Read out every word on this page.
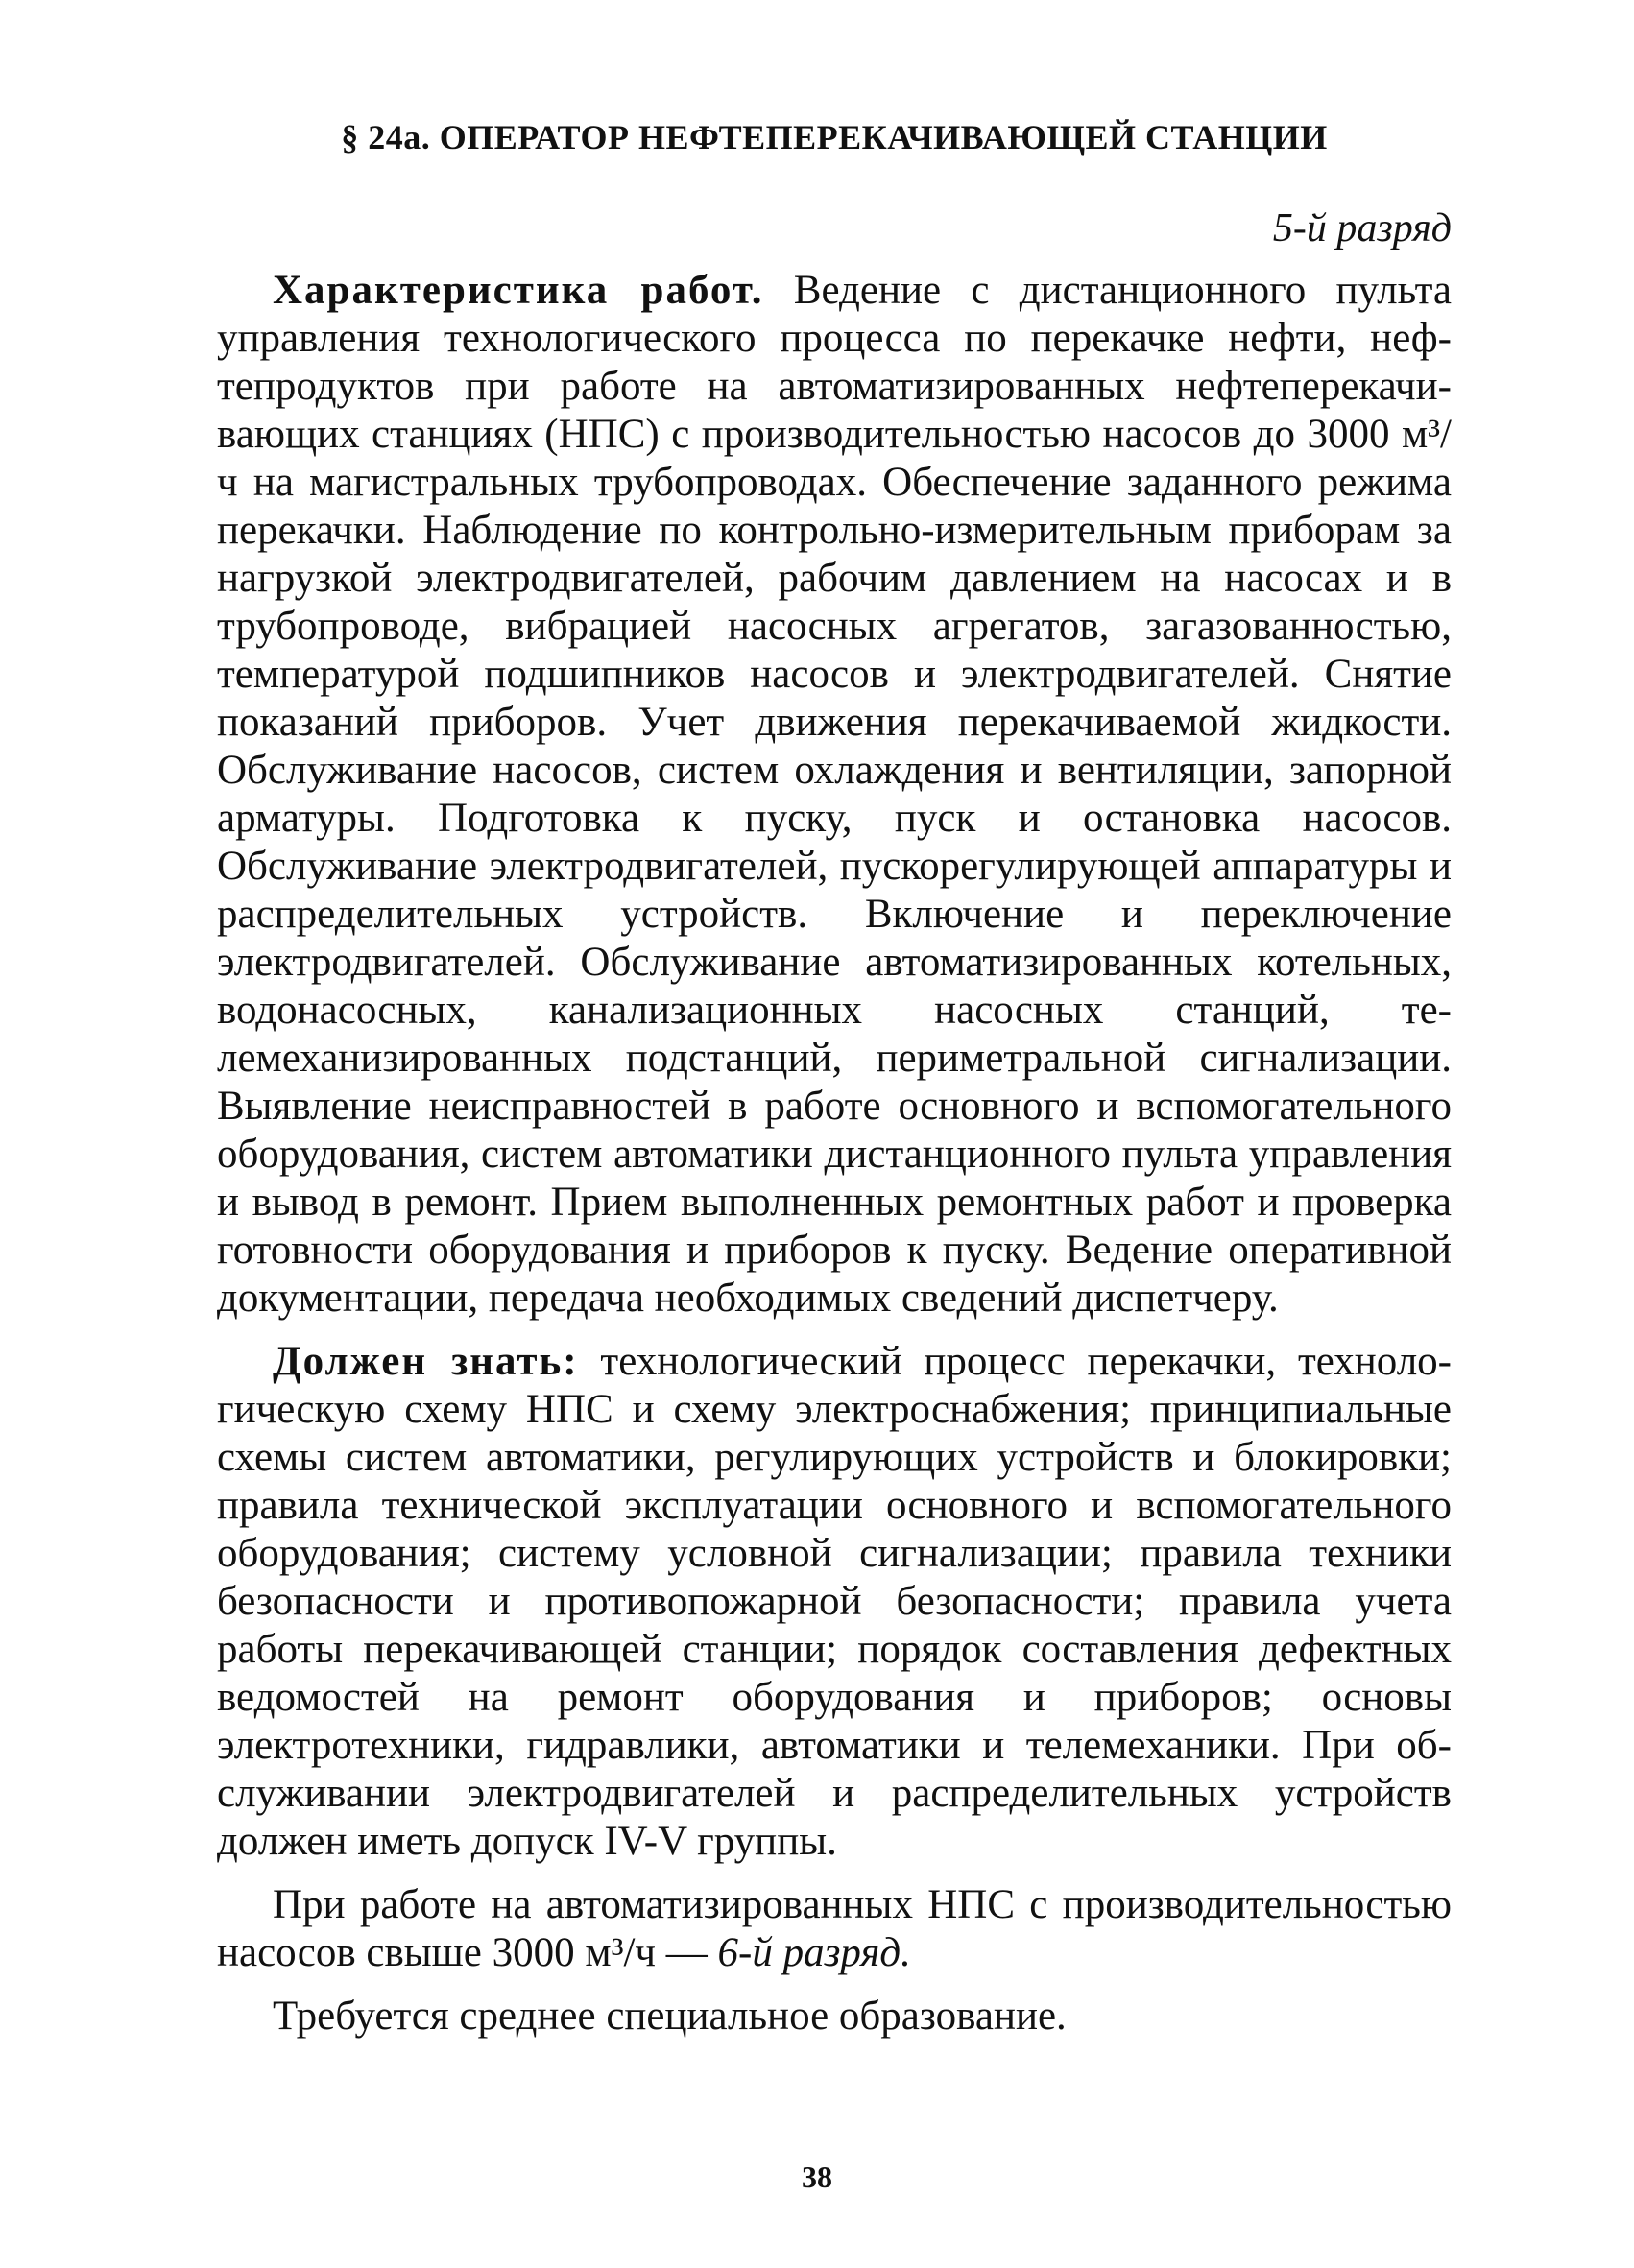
§ 24а. ОПЕРАТОР НЕФТЕПЕРЕКАЧИВАЮЩЕЙ СТАНЦИИ
5-й разряд

Характеристика работ. Ведение с дистанционного пульта управления технологического процесса по перекачке нефти, нефтепродуктов при работе на автоматизированных нефтеперекачивающих станциях (НПС) с производительностью насосов до 3000 м³/ч на магистральных трубопроводах. Обеспечение заданного режима перекачки. Наблюдение по контрольно-измерительным приборам за нагрузкой электродвигателей, рабочим давлением на насосах и в трубопроводе, вибрацией насосных агрегатов, загазованностью, температурой подшипников насосов и электродвигателей. Снятие показаний приборов. Учет движения перекачиваемой жидкости. Обслуживание насосов, систем охлаждения и вентиляции, запорной арматуры. Подготовка к пуску, пуск и остановка насосов. Обслуживание электродвигателей, пускорегулирующей аппаратуры и распределительных устройств. Включение и переключение электродвигателей. Обслуживание автоматизированных котельных, водонасосных, канализационных насосных станций, телемеханизированных подстанций, периметральной сигнализации. Выявление неисправностей в работе основного и вспомогательного оборудования, систем автоматики дистанционного пульта управления и вывод в ремонт. Прием выполненных ремонтных работ и проверка готовности оборудования и приборов к пуску. Ведение оперативной документации, передача необходимых сведений диспетчеру.

Должен знать: технологический процесс перекачки, технологическую схему НПС и схему электроснабжения; принципиальные схемы систем автоматики, регулирующих устройств и блокировки; правила технической эксплуатации основного и вспомогательного оборудования; систему условной сигнализации; правила техники безопасности и противопожарной безопасности; правила учета работы перекачивающей станции; порядок составления дефектных ведомостей на ремонт оборудования и приборов; основы электротехники, гидравлики, автоматики и телемеханики. При обслуживании электродвигателей и распределительных устройств должен иметь допуск IV-V группы.

При работе на автоматизированных НПС с производительностью насосов свыше 3000 м³/ч — 6-й разряд.

Требуется среднее специальное образование.

38
